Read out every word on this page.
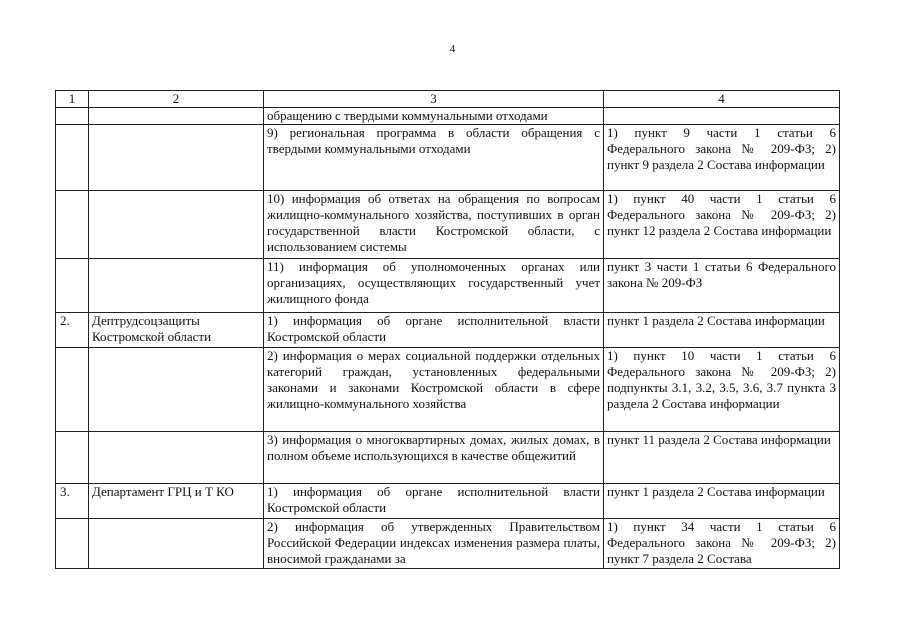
4
1	2	3	4
		обращению с твердыми коммунальными отходами	
		9) региональная программа в области обращения с твердыми коммунальными отходами	1) пункт 9 части 1 статьи 6 Федерального закона № 209-ФЗ; 2) пункт 9 раздела 2 Состава информации
		10) информация об ответах на обращения по вопросам жилищно-коммунального хозяйства, поступивших в орган государственной власти Костромской области, с использованием системы	1) пункт 40 части 1 статьи 6 Федерального закона № 209-ФЗ; 2) пункт 12 раздела 2 Состава информации
		11) информация об уполномоченных органах или организациях, осуществляющих государственный учет жилищного фонда	пункт 3 части 1 статьи 6 Федерального закона № 209-ФЗ
2.	Дептрудсоцзащиты Костромской области	1) информация об органе исполнительной власти Костромской области	пункт 1 раздела 2 Состава информации
		2) информация о мерах социальной поддержки отдельных категорий граждан, установленных федеральными законами и законами Костромской области в сфере жилищно-коммунального хозяйства	1) пункт 10 части 1 статьи 6 Федерального закона № 209-ФЗ; 2) подпункты 3.1, 3.2, 3.5, 3.6, 3.7 пункта 3 раздела 2 Состава информации
		3) информация о многоквартирных домах, жилых домах, в полном объеме использующихся в качестве общежитий	пункт 11 раздела 2 Состава информации
3.	Департамент ГРЦ и Т КО	1) информация об органе исполнительной власти Костромской области	пункт 1 раздела 2 Состава информации
		2) информация об утвержденных Правительством Российской Федерации индексах изменения размера платы, вносимой гражданами за	1) пункт 34 части 1 статьи 6 Федерального закона № 209-ФЗ; 2) пункт 7 раздела 2 Состава
